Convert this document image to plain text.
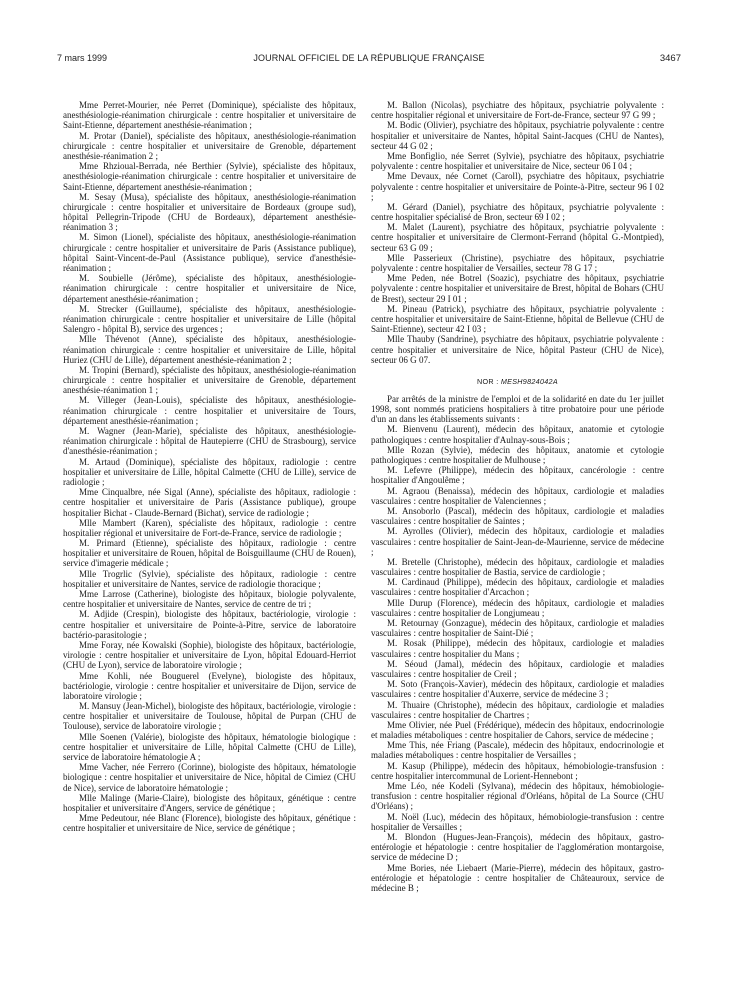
7 mars 1999	JOURNAL OFFICIEL DE LA RÉPUBLIQUE FRANÇAISE	3467

Mme Perret-Mourier, née Perret (Dominique), spécialiste des hôpitaux, anesthésiologie-réanimation chirurgicale : centre hospitalier et universitaire de Saint-Etienne, département anesthésie-réanimation ;

M. Protar (Daniel), spécialiste des hôpitaux, anesthésiologie-réanimation chirurgicale : centre hospitalier et universitaire de Grenoble, département anesthésie-réanimation 2 ;

Mme Rhzioual-Berrada, née Berthier (Sylvie), spécialiste des hôpitaux, anesthésiologie-réanimation chirurgicale : centre hospitalier et universitaire de Saint-Etienne, département anesthésie-réanimation ;

M. Sesay (Musa), spécialiste des hôpitaux, anesthésiologie-réanimation chirurgicale : centre hospitalier et universitaire de Bordeaux (groupe sud), hôpital Pellegrin-Tripode (CHU de Bordeaux), département anesthésie-réanimation 3 ;

M. Simon (Lionel), spécialiste des hôpitaux, anesthésiologie-réanimation chirurgicale : centre hospitalier et universitaire de Paris (Assistance publique), hôpital Saint-Vincent-de-Paul (Assistance publique), service d'anesthésie-réanimation ;

M. Soubielle (Jérôme), spécialiste des hôpitaux, anesthésiologie-réanimation chirurgicale : centre hospitalier et universitaire de Nice, département anesthésie-réanimation ;

M. Strecker (Guillaume), spécialiste des hôpitaux, anesthésiologie-réanimation chirurgicale : centre hospitalier et universitaire de Lille (hôpital Salengro - hôpital B), service des urgences ;

Mlle Thévenot (Anne), spécialiste des hôpitaux, anesthésiologie-réanimation chirurgicale : centre hospitalier et universitaire de Lille, hôpital Huriez (CHU de Lille), département anesthésie-réanimation 2 ;

M. Tropini (Bernard), spécialiste des hôpitaux, anesthésiologie-réanimation chirurgicale : centre hospitalier et universitaire de Grenoble, département anesthésie-réanimation 1 ;

M. Villeger (Jean-Louis), spécialiste des hôpitaux, anesthésiologie-réanimation chirurgicale : centre hospitalier et universitaire de Tours, département anesthésie-réanimation ;

M. Wagner (Jean-Marie), spécialiste des hôpitaux, anesthésiologie-réanimation chirurgicale : hôpital de Hautepierre (CHU de Strasbourg), service d'anesthésie-réanimation ;

M. Artaud (Dominique), spécialiste des hôpitaux, radiologie : centre hospitalier et universitaire de Lille, hôpital Calmette (CHU de Lille), service de radiologie ;

Mme Cinqualbre, née Sigal (Anne), spécialiste des hôpitaux, radiologie : centre hospitalier et universitaire de Paris (Assistance publique), groupe hospitalier Bichat - Claude-Bernard (Bichat), service de radiologie ;

Mlle Mambert (Karen), spécialiste des hôpitaux, radiologie : centre hospitalier régional et universitaire de Fort-de-France, service de radiologie ;

M. Primard (Etienne), spécialiste des hôpitaux, radiologie : centre hospitalier et universitaire de Rouen, hôpital de Boisguillaume (CHU de Rouen), service d'imagerie médicale ;

Mlle Trogrlic (Sylvie), spécialiste des hôpitaux, radiologie : centre hospitalier et universitaire de Nantes, service de radiologie thoracique ;

Mme Larrose (Catherine), biologiste des hôpitaux, biologie polyvalente, centre hospitalier et universitaire de Nantes, service de centre de tri ;

M. Adjide (Crespin), biologiste des hôpitaux, bactériologie, virologie : centre hospitalier et universitaire de Pointe-à-Pitre, service de laboratoire bactério-parasitologie ;

Mme Foray, née Kowalski (Sophie), biologiste des hôpitaux, bactériologie, virologie : centre hospitalier et universitaire de Lyon, hôpital Edouard-Herriot (CHU de Lyon), service de laboratoire virologie ;

Mme Kohli, née Bouguerel (Evelyne), biologiste des hôpitaux, bactériologie, virologie : centre hospitalier et universitaire de Dijon, service de laboratoire virologie ;

M. Mansuy (Jean-Michel), biologiste des hôpitaux, bactériologie, virologie : centre hospitalier et universitaire de Toulouse, hôpital de Purpan (CHU de Toulouse), service de laboratoire virologie ;

Mlle Soenen (Valérie), biologiste des hôpitaux, hématologie biologique : centre hospitalier et universitaire de Lille, hôpital Calmette (CHU de Lille), service de laboratoire hématologie A ;

Mme Vacher, née Ferrero (Corinne), biologiste des hôpitaux, hématologie biologique : centre hospitalier et universitaire de Nice, hôpital de Cimiez (CHU de Nice), service de laboratoire hématologie ;

Mlle Malinge (Marie-Claire), biologiste des hôpitaux, génétique : centre hospitalier et universitaire d'Angers, service de génétique ;

Mme Pedeutour, née Blanc (Florence), biologiste des hôpitaux, génétique : centre hospitalier et universitaire de Nice, service de génétique ;

M. Ballon (Nicolas), psychiatre des hôpitaux, psychiatrie polyvalente : centre hospitalier régional et universitaire de Fort-de-France, secteur 97 G 99 ;

M. Bodic (Olivier), psychiatre des hôpitaux, psychiatrie polyvalente : centre hospitalier et universitaire de Nantes, hôpital Saint-Jacques (CHU de Nantes), secteur 44 G 02 ;

Mme Bonfiglio, née Serret (Sylvie), psychiatre des hôpitaux, psychiatrie polyvalente : centre hospitalier et universitaire de Nice, secteur 06 I 04 ;

Mme Devaux, née Cornet (Caroll), psychiatre des hôpitaux, psychiatrie polyvalente : centre hospitalier et universitaire de Pointe-à-Pitre, secteur 96 I 02 ;

M. Gérard (Daniel), psychiatre des hôpitaux, psychiatrie polyvalente : centre hospitalier spécialisé de Bron, secteur 69 I 02 ;

M. Malet (Laurent), psychiatre des hôpitaux, psychiatrie polyvalente : centre hospitalier et universitaire de Clermont-Ferrand (hôpital G.-Montpied), secteur 63 G 09 ;

Mlle Passerieux (Christine), psychiatre des hôpitaux, psychiatrie polyvalente : centre hospitalier de Versailles, secteur 78 G 17 ;

Mme Peden, née Botrel (Soazic), psychiatre des hôpitaux, psychiatrie polyvalente : centre hospitalier et universitaire de Brest, hôpital de Bohars (CHU de Brest), secteur 29 I 01 ;

M. Pineau (Patrick), psychiatre des hôpitaux, psychiatrie polyvalente : centre hospitalier et universitaire de Saint-Etienne, hôpital de Bellevue (CHU de Saint-Etienne), secteur 42 I 03 ;

Mlle Thauby (Sandrine), psychiatre des hôpitaux, psychiatrie polyvalente : centre hospitalier et universitaire de Nice, hôpital Pasteur (CHU de Nice), secteur 06 G 07.

NOR : MESH9824042A

Par arrêtés de la ministre de l'emploi et de la solidarité en date du 1er juillet 1998, sont nommés praticiens hospitaliers à titre probatoire pour une période d'un an dans les établissements suivants :

M. Bienvenu (Laurent), médecin des hôpitaux, anatomie et cytologie pathologiques : centre hospitalier d'Aulnay-sous-Bois ;

Mlle Rozan (Sylvie), médecin des hôpitaux, anatomie et cytologie pathologiques : centre hospitalier de Mulhouse ;

M. Lefevre (Philippe), médecin des hôpitaux, cancérologie : centre hospitalier d'Angoulême ;

M. Agraou (Benaissa), médecin des hôpitaux, cardiologie et maladies vasculaires : centre hospitalier de Valenciennes ;

M. Ansoborlo (Pascal), médecin des hôpitaux, cardiologie et maladies vasculaires : centre hospitalier de Saintes ;

M. Ayrolles (Olivier), médecin des hôpitaux, cardiologie et maladies vasculaires : centre hospitalier de Saint-Jean-de-Maurienne, service de médecine ;

M. Bretelle (Christophe), médecin des hôpitaux, cardiologie et maladies vasculaires : centre hospitalier de Bastia, service de cardiologie ;

M. Cardinaud (Philippe), médecin des hôpitaux, cardiologie et maladies vasculaires : centre hospitalier d'Arcachon ;

Mlle Durup (Florence), médecin des hôpitaux, cardiologie et maladies vasculaires : centre hospitalier de Longjumeau ;

M. Retournay (Gonzague), médecin des hôpitaux, cardiologie et maladies vasculaires : centre hospitalier de Saint-Dié ;

M. Rosak (Philippe), médecin des hôpitaux, cardiologie et maladies vasculaires : centre hospitalier du Mans ;

M. Séoud (Jamal), médecin des hôpitaux, cardiologie et maladies vasculaires : centre hospitalier de Creil ;

M. Soto (François-Xavier), médecin des hôpitaux, cardiologie et maladies vasculaires : centre hospitalier d'Auxerre, service de médecine 3 ;

M. Thuaire (Christophe), médecin des hôpitaux, cardiologie et maladies vasculaires : centre hospitalier de Chartres ;

Mme Olivier, née Puel (Frédérique), médecin des hôpitaux, endocrinologie et maladies métaboliques : centre hospitalier de Cahors, service de médecine ;

Mme This, née Friang (Pascale), médecin des hôpitaux, endocrinologie et maladies métaboliques : centre hospitalier de Versailles ;

M. Kasup (Philippe), médecin des hôpitaux, hémobiologie-transfusion : centre hospitalier intercommunal de Lorient-Hennebont ;

Mme Léo, née Kodeli (Sylvana), médecin des hôpitaux, hémobiologie-transfusion : centre hospitalier régional d'Orléans, hôpital de La Source (CHU d'Orléans) ;

M. Noël (Luc), médecin des hôpitaux, hémobiologie-transfusion : centre hospitalier de Versailles ;

M. Blondon (Hugues-Jean-François), médecin des hôpitaux, gastro-entérologie et hépatologie : centre hospitalier de l'agglomération montargoise, service de médecine D ;

Mme Bories, née Liebaert (Marie-Pierre), médecin des hôpitaux, gastro-entérologie et hépatologie : centre hospitalier de Châteauroux, service de médecine B ;
